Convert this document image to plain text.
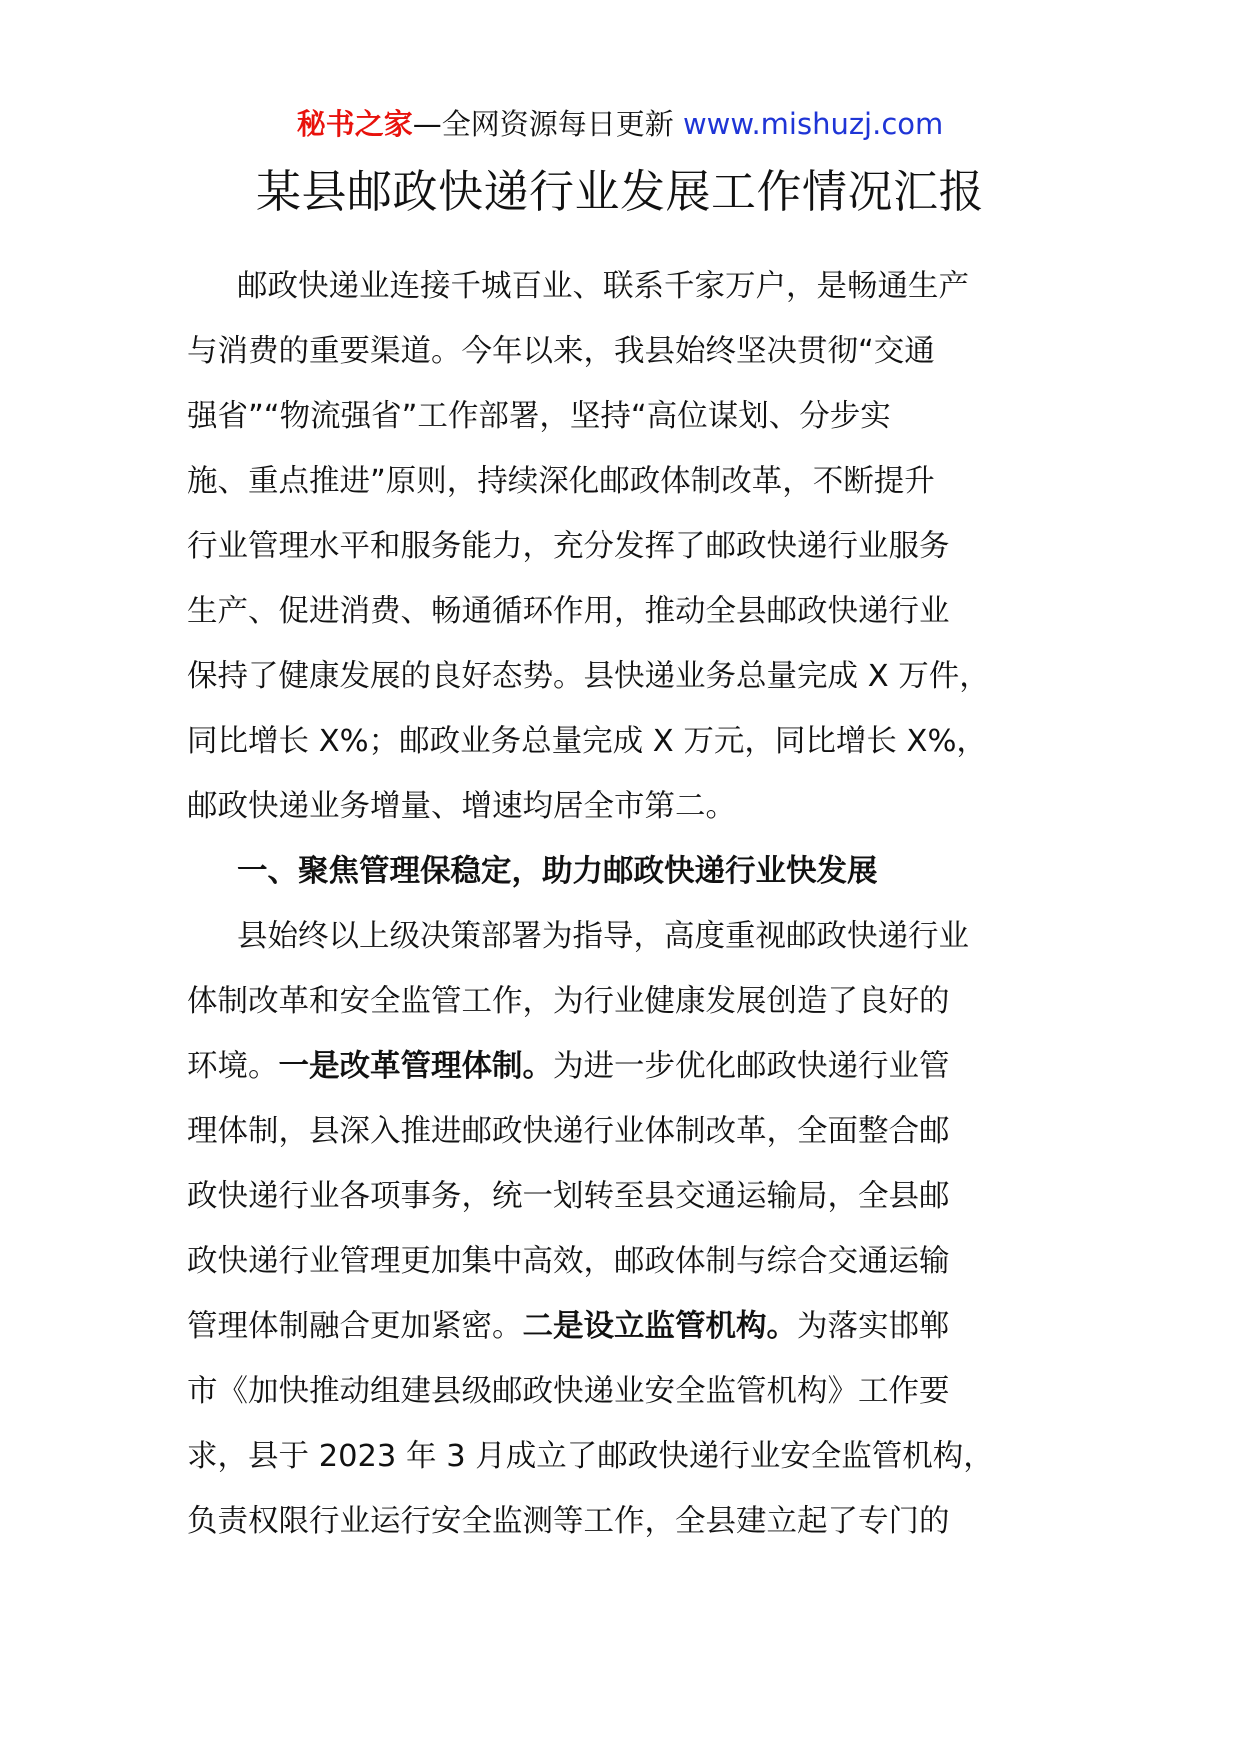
秘书之家—全网资源每日更新 www.mishuzj.com
某县邮政快递行业发展工作情况汇报
邮政快递业连接千城百业、联系千家万户，是畅通生产
与消费的重要渠道。今年以来，我县始终坚决贯彻“交通
强省”“物流强省”工作部署，坚持“高位谋划、分步实
施、重点推进”原则，持续深化邮政体制改革，不断提升
行业管理水平和服务能力，充分发挥了邮政快递行业服务
生产、促进消费、畅通循环作用，推动全县邮政快递行业
保持了健康发展的良好态势。县快递业务总量完成 X 万件，
同比增长 X%；邮政业务总量完成 X 万元，同比增长 X%，
邮政快递业务增量、增速均居全市第二。
一、聚焦管理保稳定，助力邮政快递行业快发展
县始终以上级决策部署为指导，高度重视邮政快递行业
体制改革和安全监管工作，为行业健康发展创造了良好的
环境。一是改革管理体制。为进一步优化邮政快递行业管
理体制，县深入推进邮政快递行业体制改革，全面整合邮
政快递行业各项事务，统一划转至县交通运输局，全县邮
政快递行业管理更加集中高效，邮政体制与综合交通运输
管理体制融合更加紧密。二是设立监管机构。为落实邯郸
市《加快推动组建县级邮政快递业安全监管机构》工作要
求，县于 2023 年 3 月成立了邮政快递行业安全监管机构，
负责权限行业运行安全监测等工作，全县建立起了专门的
